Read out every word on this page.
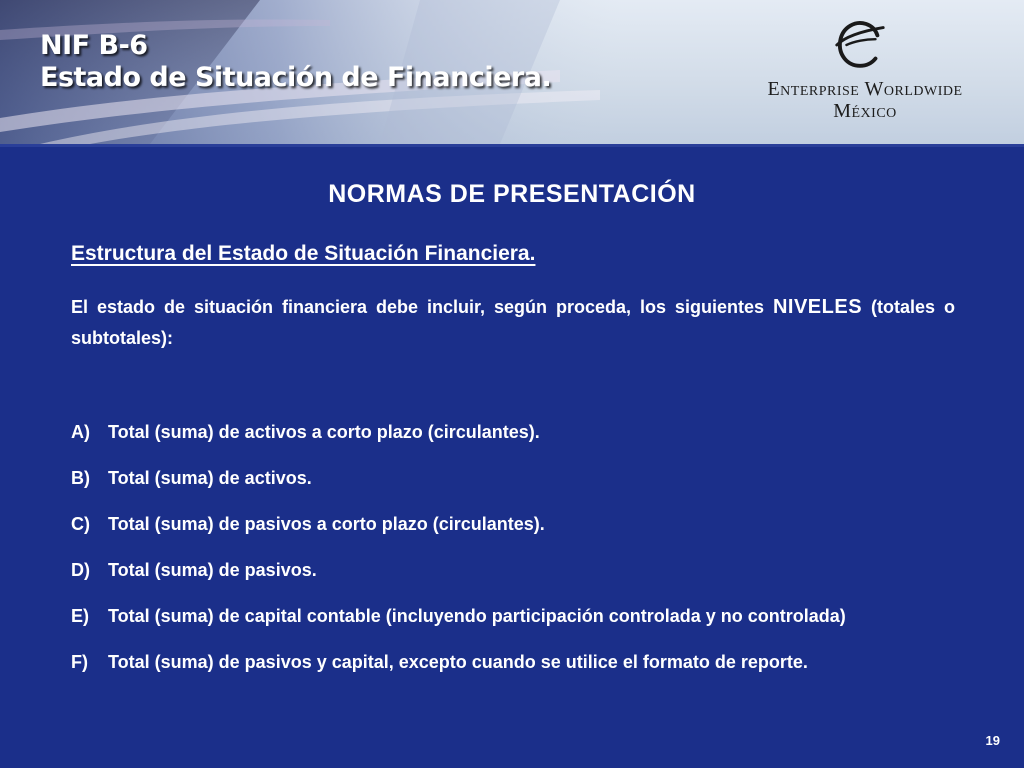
NIF B-6
Estado de Situación de Financiera.	Enterprise Worldwide
México
NORMAS DE PRESENTACIÓN
Estructura del Estado de Situación Financiera.

El estado de situación financiera debe incluir, según proceda, los siguientes NIVELES (totales o subtotales):

A) Total (suma) de activos a corto plazo (circulantes).
B) Total (suma) de activos.
C) Total (suma) de pasivos a corto plazo (circulantes).
D) Total (suma) de pasivos.
E) Total (suma) de capital contable (incluyendo participación controlada y no controlada)
F) Total (suma) de pasivos y capital, excepto cuando se utilice el formato de reporte.
19
